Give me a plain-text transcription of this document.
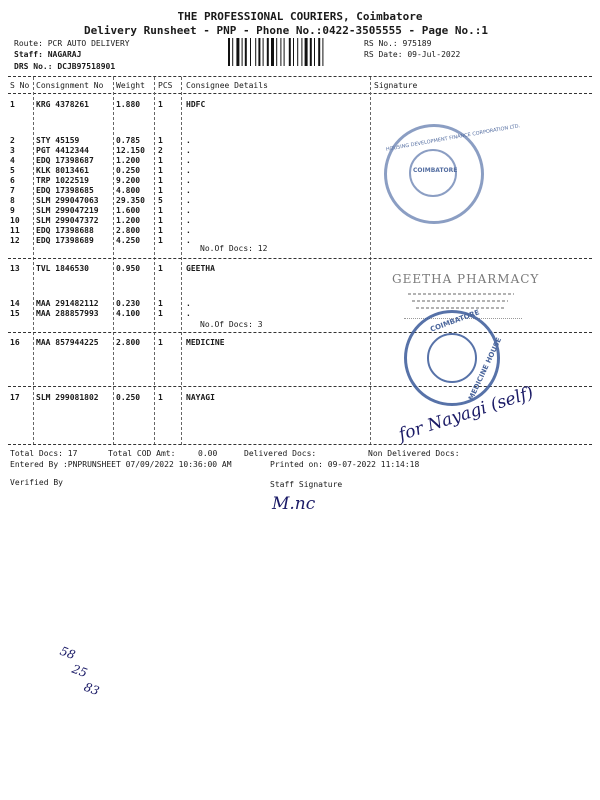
THE PROFESSIONAL COURIERS, Coimbatore
Delivery Runsheet - PNP - Phone No.:0422-3505555 - Page No.:1
Route: PCR AUTO DELIVERY
Staff: NAGARAJ
DRS No.: DCJB97518901
RS No.: 975189
RS Date: 09-Jul-2022
S No Consignment No Weight PCS Consignee Details	Signature
1	KRG 4378261	1.880 1	HDFC
2	STY 45159	0.785 1	.
3	PGT 4412344	12.150 2	.
4	EDQ 17398687	1.200 1	.
5	KLK 8013461	0.250 1	.
6	TRP 1022519	9.200 1	.
7	EDQ 17398685	4.800 1	.
8	SLM 299047063 29.350 5	.
9	SLM 299047219 1.600 1	.
10 SLM 299047372 1.200 1	.
11 EDQ 17398688	2.800 1	.
12 EDQ 17398689	4.250 1	.
No.Of Docs: 12
13 TVL 1846530	0.950 1	GEETHA
14 MAA 291482112 0.230 1	.
15 MAA 288857993 4.100 1	.
No.Of Docs: 3
16 MAA 857944225 2.800 1	MEDICINE
17 SLM 299081802 0.250 1	NAYAGI
Total Docs: 17	Total COD Amt:	0.00	Delivered Docs:	Non Delivered Docs:
Entered By :PNPRUNSHEET 07/09/2022 10:36:00 AM	Printed on: 09-07-2022 11:14:18
Verified By	Staff Signature
HOUSING DEVELOPMENT FINANCE CORPORATION LTD.
COIMBATORE
GEETHA PHARMACY
MEDICINE HOUSE
COIMBATORE
for Nayagi (self)
M.nc
58
25
83
